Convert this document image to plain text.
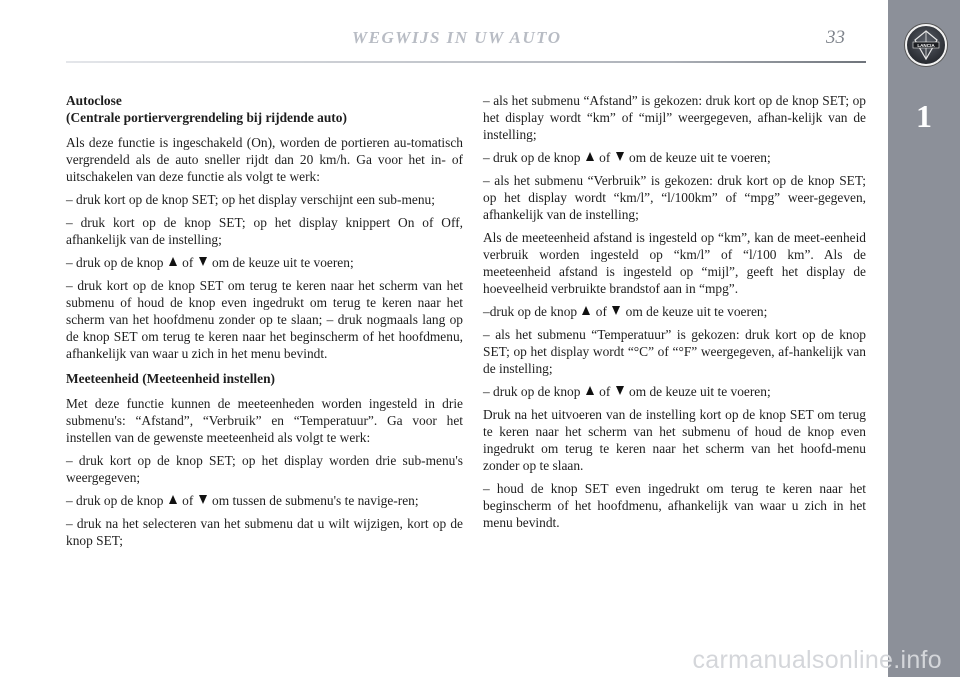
WEGWIJS IN UW AUTO	33	LANCIA
1
Autoclose
(Centrale portiervergrendeling bij rijdende auto)

Als deze functie is ingeschakeld (On), worden de portieren au-tomatisch vergrendeld als de auto sneller rijdt dan 20 km/h. Ga voor het in- of uitschakelen van deze functie als volgt te werk:

– druk kort op de knop SET; op het display verschijnt een sub-menu;

– druk kort op de knop SET; op het display knippert On of Off, afhankelijk van de instelling;

– druk op de knop  of  om de keuze uit te voeren;

– druk kort op de knop SET om terug te keren naar het scherm van het submenu of houd de knop even ingedrukt om terug te keren naar het scherm van het hoofdmenu zonder op te slaan; – druk nogmaals lang op de knop SET om terug te keren naar het beginscherm of het hoofdmenu, afhankelijk van waar u zich in het menu bevindt.

Meeteenheid (Meeteenheid instellen)

Met deze functie kunnen de meeteenheden worden ingesteld in drie submenu's: “Afstand”, “Verbruik” en “Temperatuur”. Ga voor het instellen van de gewenste meeteenheid als volgt te werk:

– druk kort op de knop SET; op het display worden drie sub-menu's weergegeven;

– druk op de knop  of  om tussen de submenu's te navige-ren;

– druk na het selecteren van het submenu dat u wilt wijzigen, kort op de knop SET;

– als het submenu “Afstand” is gekozen: druk kort op de knop SET; op het display wordt “km” of “mijl” weergegeven, afhan-kelijk van de instelling;

– druk op de knop  of  om de keuze uit te voeren;

– als het submenu “Verbruik” is gekozen: druk kort op de knop SET; op het display wordt “km/l”, “l/100km” of “mpg” weer-gegeven, afhankelijk van de instelling;

Als de meeteenheid afstand is ingesteld op “km”, kan de meet-eenheid verbruik worden ingesteld op “km/l” of “l/100 km”. Als de meeteenheid afstand is ingesteld op “mijl”, geeft het display de hoeveelheid verbruikte brandstof aan in “mpg”.

–druk op de knop  of  om de keuze uit te voeren;

– als het submenu “Temperatuur” is gekozen: druk kort op de knop SET; op het display wordt “°C” of “°F” weergegeven, af-hankelijk van de instelling;

– druk op de knop  of  om de keuze uit te voeren;

Druk na het uitvoeren van de instelling kort op de knop SET om terug te keren naar het scherm van het submenu of houd de knop even ingedrukt om terug te keren naar het scherm van het hoofd-menu zonder op te slaan.

– houd de knop SET even ingedrukt om terug te keren naar het beginscherm of het hoofdmenu, afhankelijk van waar u zich in het menu bevindt.

carmanualsonline.info
